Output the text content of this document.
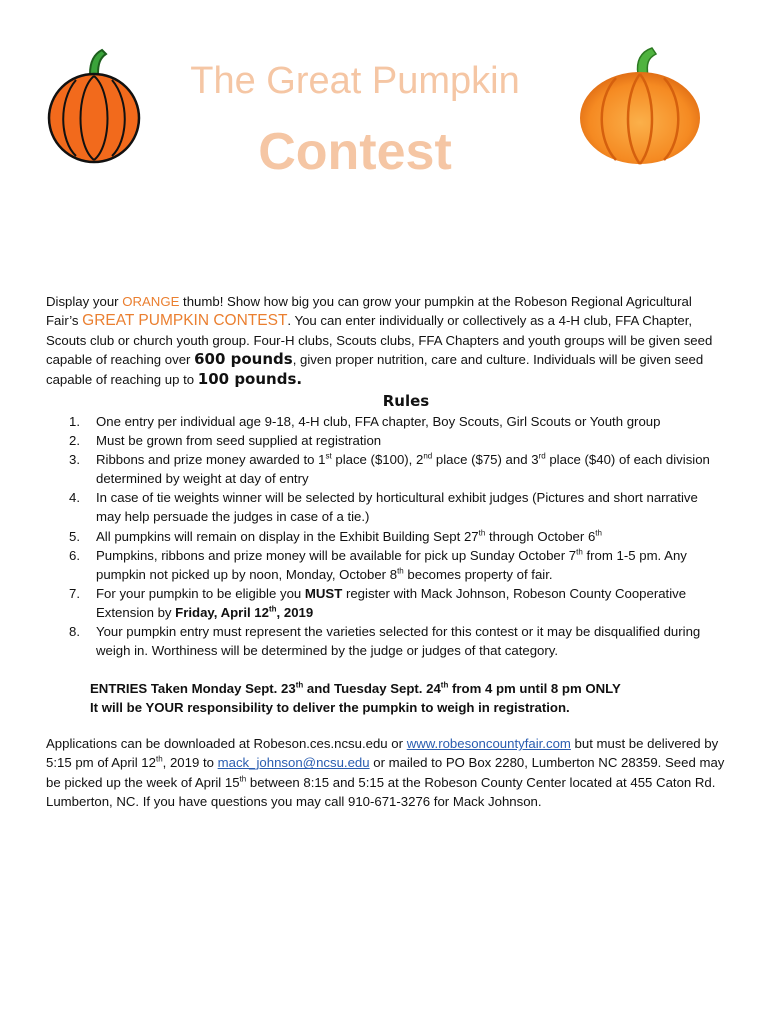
The Great Pumpkin
Contest

Display your ORANGE thumb! Show how big you can grow your pumpkin at the Robeson Regional Agricultural Fair’s GREAT PUMPKIN CONTEST. You can enter individually or collectively as a 4-H club, FFA Chapter, Scouts club or church youth group. Four-H clubs, Scouts clubs, FFA Chapters and youth groups will be given seed capable of reaching over 600 pounds, given proper nutrition, care and culture. Individuals will be given seed capable of reaching up to 100 pounds.

Rules
1. One entry per individual age 9-18, 4-H club, FFA chapter, Boy Scouts, Girl Scouts or Youth group
2. Must be grown from seed supplied at registration
3. Ribbons and prize money awarded to 1st place ($100), 2nd place ($75) and 3rd place ($40) of each division determined by weight at day of entry
4. In case of tie weights winner will be selected by horticultural exhibit judges (Pictures and short narrative may help persuade the judges in case of a tie.)
5. All pumpkins will remain on display in the Exhibit Building Sept 27th through October 6th
6. Pumpkins, ribbons and prize money will be available for pick up Sunday October 7th from 1-5 pm. Any pumpkin not picked up by noon, Monday, October 8th becomes property of fair.
7. For your pumpkin to be eligible you MUST register with Mack Johnson, Robeson County Cooperative Extension by Friday, April 12th, 2019
8. Your pumpkin entry must represent the varieties selected for this contest or it may be disqualified during weigh in. Worthiness will be determined by the judge or judges of that category.

ENTRIES Taken Monday Sept. 23th and Tuesday Sept. 24th from 4 pm until 8 pm ONLY

It will be YOUR responsibility to deliver the pumpkin to weigh in registration.

Applications can be downloaded at Robeson.ces.ncsu.edu or www.robesoncountyfair.com but must be delivered by 5:15 pm of April 12th, 2019 to mack_johnson@ncsu.edu or mailed to PO Box 2280, Lumberton NC 28359. Seed may be picked up the week of April 15th between 8:15 and 5:15 at the Robeson County Center located at 455 Caton Rd. Lumberton, NC. If you have questions you may call 910-671-3276 for Mack Johnson.
